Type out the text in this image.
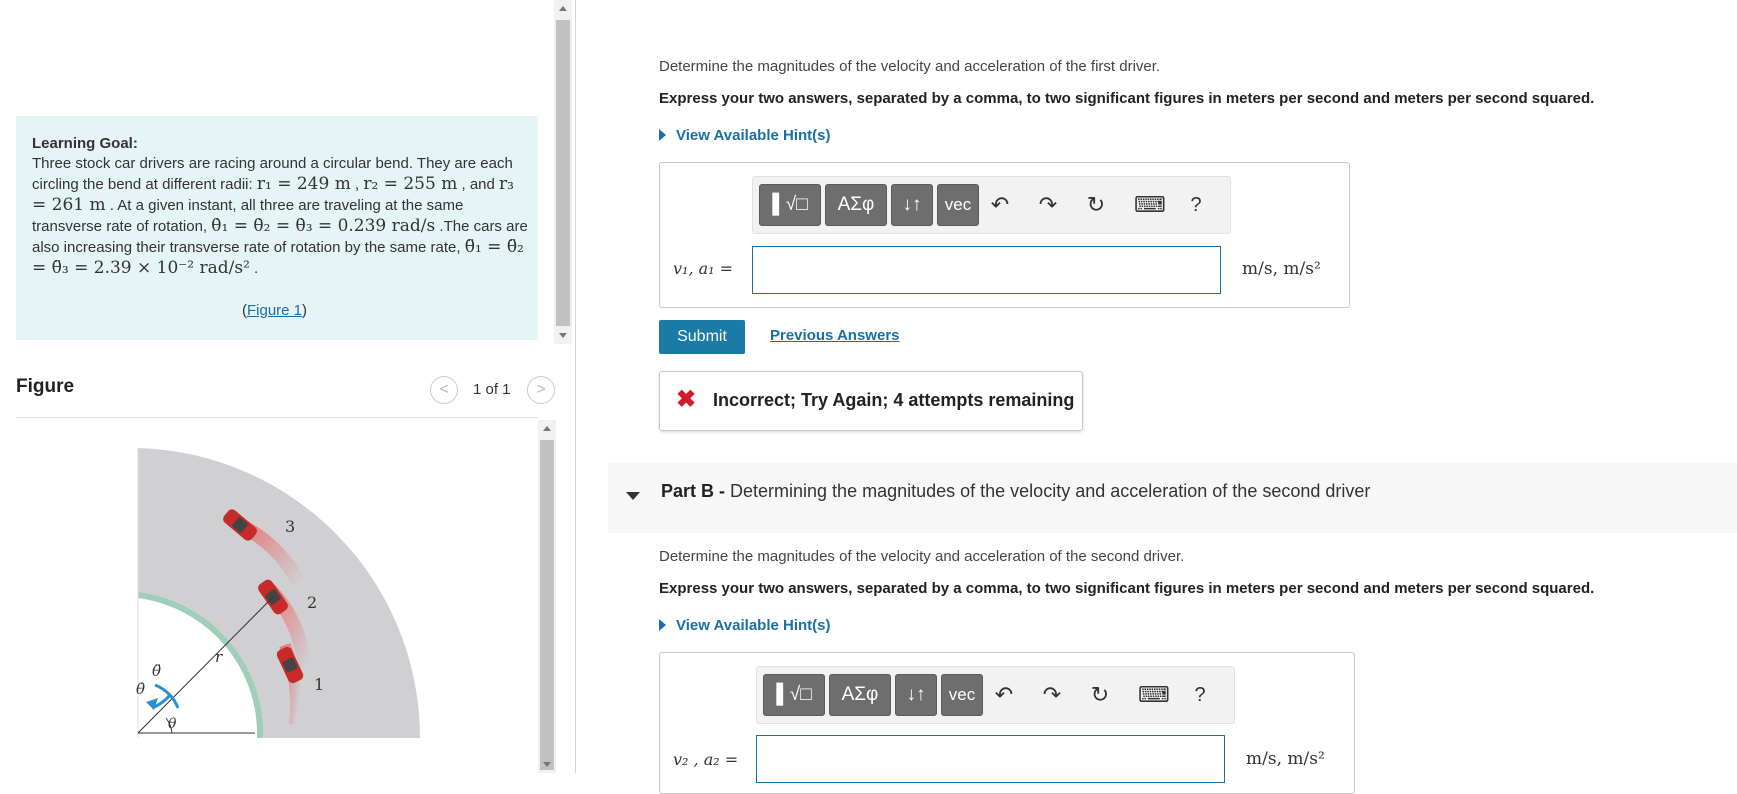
Learning Goal:
Three stock car drivers are racing around a circular bend. They are each circling the bend at different radii: r₁ = 249 m , r₂ = 255 m , and r₃ = 261 m . At a given instant, all three are traveling at the same transverse rate of rotation, θ̇₁ = θ̇₂ = θ̇₃ = 0.239 rad/s .The cars are also increasing their transverse rate of rotation by the same rate, θ̈₁ = θ̈₂ = θ̈₃ = 2.39 × 10⁻² rad/s² .
(Figure 1)
Figure	<	1 of 1	>
3
2
1
r
θ̈
θ̇
θ
Determine the magnitudes of the velocity and acceleration of the first driver.
Express your two answers, separated by a comma, to two significant figures in meters per second and meters per second squared.
View Available Hint(s)
▌√□	ΑΣφ	↓↑	vec ↶ ↷ ↻ ⌨	?
v₁, a₁ =	m/s, m/s²
Submit	Previous Answers
✖ Incorrect; Try Again; 4 attempts remaining
Part B - Determining the magnitudes of the velocity and acceleration of the second driver
Determine the magnitudes of the velocity and acceleration of the second driver.
Express your two answers, separated by a comma, to two significant figures in meters per second and meters per second squared.
View Available Hint(s)
▌√□	ΑΣφ	↓↑	vec ↶ ↷ ↻ ⌨	?
v₂ , a₂ =	m/s, m/s²
